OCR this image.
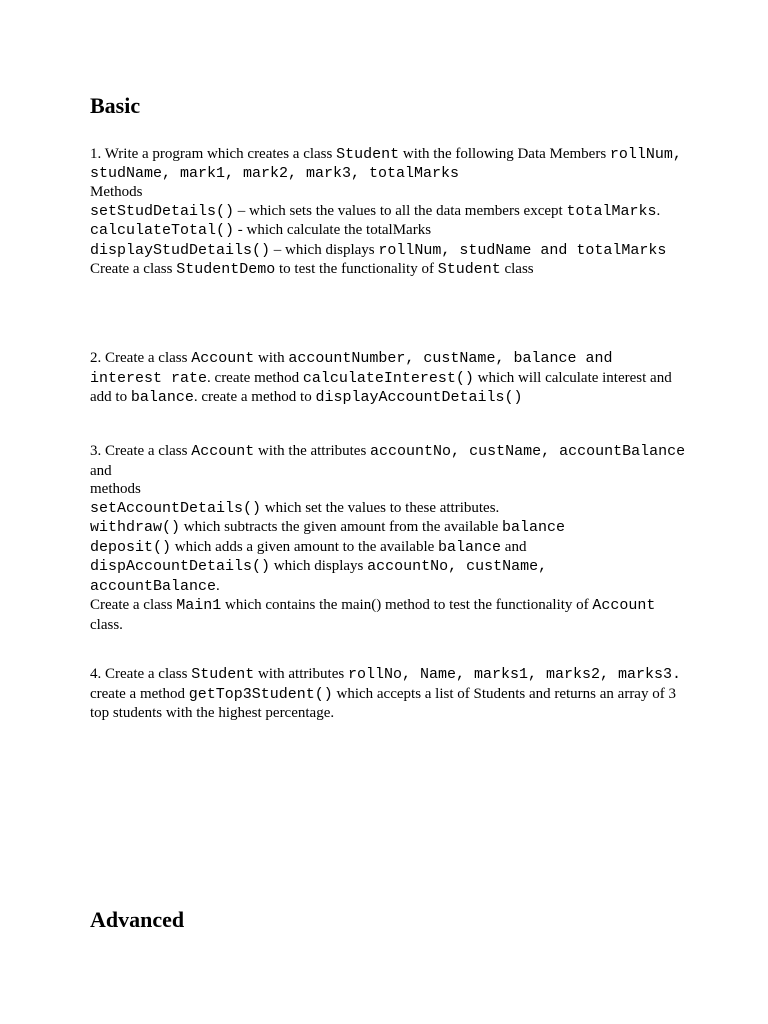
Basic
1. Write a program which creates a class Student with the following Data Members rollNum,
studName, mark1, mark2, mark3, totalMarks
Methods
setStudDetails() – which sets the values to all the data members except totalMarks.
calculateTotal() - which calculate the totalMarks
displayStudDetails() – which displays rollNum, studName and totalMarks
Create a class StudentDemo to test the functionality of Student class
2. Create a class Account with accountNumber, custName, balance and
interest rate. create method calculateInterest() which will calculate interest and
add to balance. create a method to displayAccountDetails()
3. Create a class Account with the attributes accountNo, custName, accountBalance
and
methods
setAccountDetails() which set the values to these attributes.
withdraw() which subtracts the given amount from the available balance
deposit() which adds a given amount to the available balance and
dispAccountDetails() which displays accountNo, custName,
accountBalance.
Create a class Main1 which contains the main() method to test the functionality of Account
class.
4. Create a class Student with attributes rollNo, Name, marks1, marks2, marks3.
create a method getTop3Student() which accepts a list of Students and returns an array of 3
top students with the highest percentage.
Advanced
